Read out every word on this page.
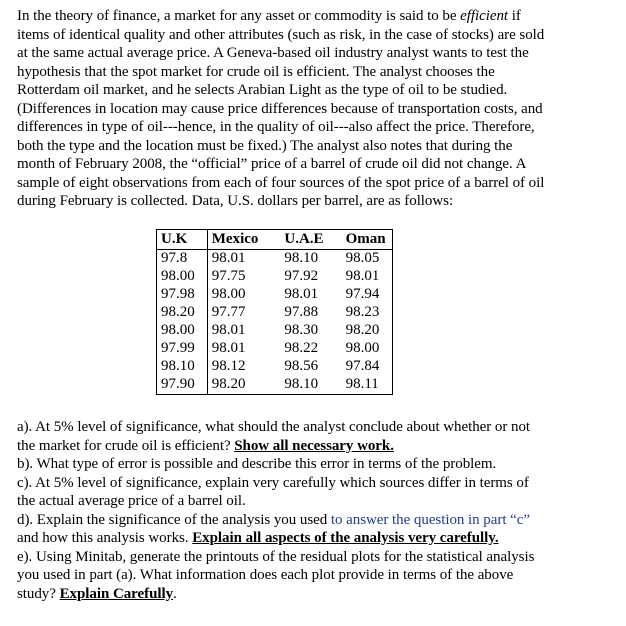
In the theory of finance, a market for any asset or commodity is said to be efficient if
items of identical quality and other attributes (such as risk, in the case of stocks) are sold
at the same actual average price. A Geneva-based oil industry analyst wants to test the
hypothesis that the spot market for crude oil is efficient. The analyst chooses the
Rotterdam oil market, and he selects Arabian Light as the type of oil to be studied.
(Differences in location may cause price differences because of transportation costs, and
differences in type of oil---hence, in the quality of oil---also affect the price. Therefore,
both the type and the location must be fixed.) The analyst also notes that during the
month of February 2008, the “official” price of a barrel of crude oil did not change. A
sample of eight observations from each of four sources of the spot price of a barrel of oil
during February is collected. Data, U.S. dollars per barrel, are as follows:

U.K	Mexico	U.A.E	Oman
97.8	98.01	98.10	98.05
98.00	97.75	97.92	98.01
97.98	98.00	98.01	97.94
98.20	97.77	97.88	98.23
98.00	98.01	98.30	98.20
97.99	98.01	98.22	98.00
98.10	98.12	98.56	97.84
97.90	98.20	98.10	98.11

a). At 5% level of significance, what should the analyst conclude about whether or not
the market for crude oil is efficient? Show all necessary work.
b). What type of error is possible and describe this error in terms of the problem.
c). At 5% level of significance, explain very carefully which sources differ in terms of
the actual average price of a barrel oil.
d). Explain the significance of the analysis you used to answer the question in part “c”
and how this analysis works. Explain all aspects of the analysis very carefully.
e). Using Minitab, generate the printouts of the residual plots for the statistical analysis
you used in part (a). What information does each plot provide in terms of the above
study? Explain Carefully.
